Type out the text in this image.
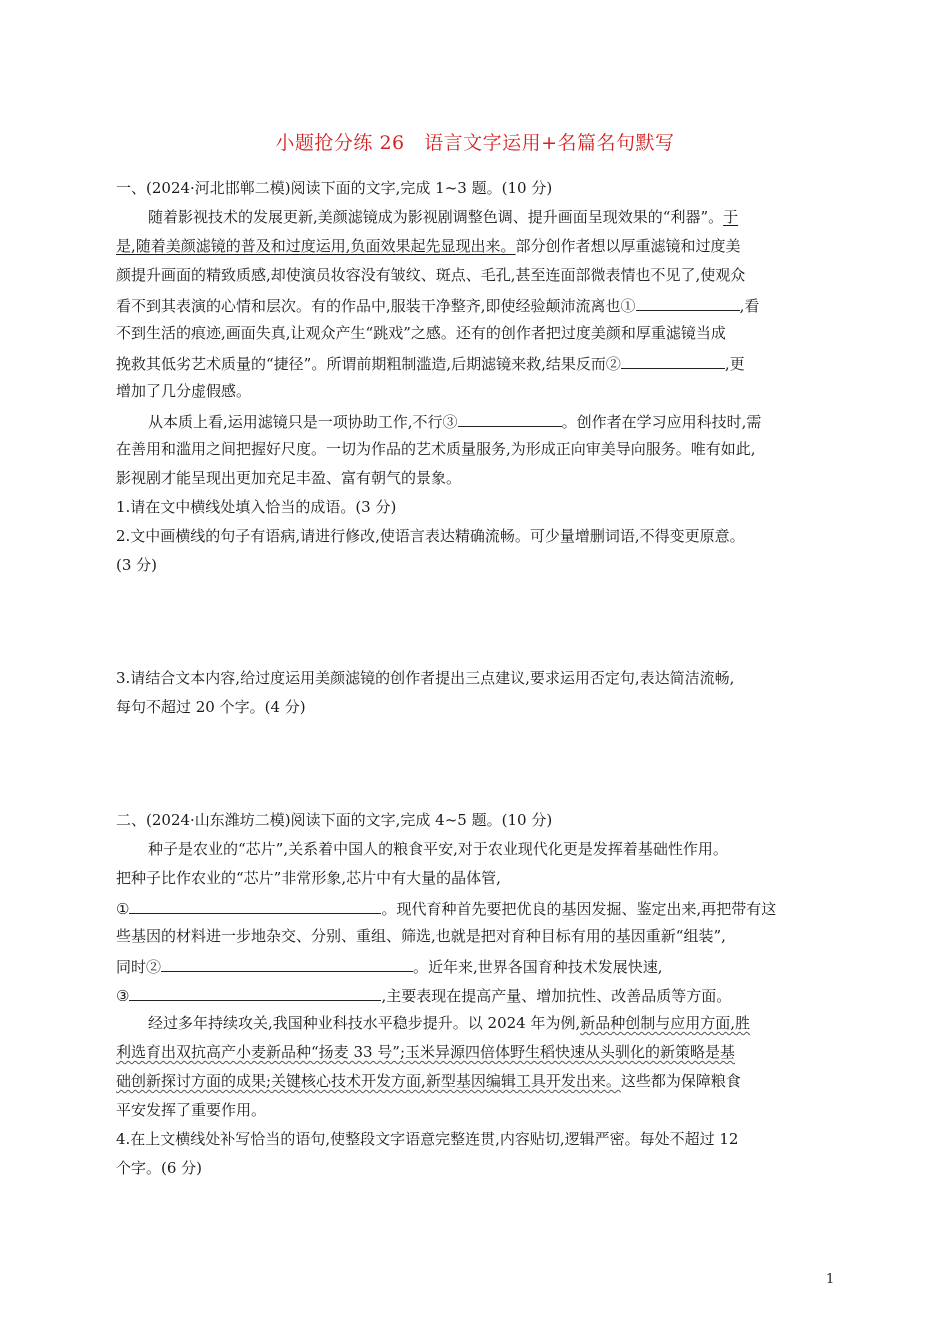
小题抢分练 26　语言文字运用+名篇名句默写
一、(2024·河北邯郸二模)阅读下面的文字,完成 1~3 题。(10 分)
随着影视技术的发展更新,美颜滤镜成为影视剧调整色调、提升画面呈现效果的“利器”。于
是,随着美颜滤镜的普及和过度运用,负面效果起先显现出来。部分创作者想以厚重滤镜和过度美
颜提升画面的精致质感,却使演员妆容没有皱纹、斑点、毛孔,甚至连面部微表情也不见了,使观众
看不到其表演的心情和层次。有的作品中,服装干净整齐,即使经验颠沛流离也①	,看
不到生活的痕迹,画面失真,让观众产生“跳戏”之感。还有的创作者把过度美颜和厚重滤镜当成
挽救其低劣艺术质量的“捷径”。所谓前期粗制滥造,后期滤镜来救,结果反而②	,更
增加了几分虚假感。
从本质上看,运用滤镜只是一项协助工作,不行③	。创作者在学习应用科技时,需
在善用和滥用之间把握好尺度。一切为作品的艺术质量服务,为形成正向审美导向服务。唯有如此,
影视剧才能呈现出更加充足丰盈、富有朝气的景象。
1.请在文中横线处填入恰当的成语。(3 分)
2.文中画横线的句子有语病,请进行修改,使语言表达精确流畅。可少量增删词语,不得变更原意。
(3 分)
3.请结合文本内容,给过度运用美颜滤镜的创作者提出三点建议,要求运用否定句,表达简洁流畅,
每句不超过 20 个字。(4 分)
二、(2024·山东潍坊二模)阅读下面的文字,完成 4~5 题。(10 分)
种子是农业的“芯片”,关系着中国人的粮食平安,对于农业现代化更是发挥着基础性作用。
把种子比作农业的“芯片”非常形象,芯片中有大量的晶体管,
①	。现代育种首先要把优良的基因发掘、鉴定出来,再把带有这
些基因的材料进一步地杂交、分别、重组、筛选,也就是把对育种目标有用的基因重新“组装”,
同时②	。近年来,世界各国育种技术发展快速,
③	,主要表现在提高产量、增加抗性、改善品质等方面。
经过多年持续攻关,我国种业科技水平稳步提升。以 2024 年为例,新品种创制与应用方面,胜
利选育出双抗高产小麦新品种“扬麦 33 号”;玉米异源四倍体野生稻快速从头驯化的新策略是基
础创新探讨方面的成果;关键核心技术开发方面,新型基因编辑工具开发出来。这些都为保障粮食
平安发挥了重要作用。
4.在上文横线处补写恰当的语句,使整段文字语意完整连贯,内容贴切,逻辑严密。每处不超过 12
个字。(6 分)
1
